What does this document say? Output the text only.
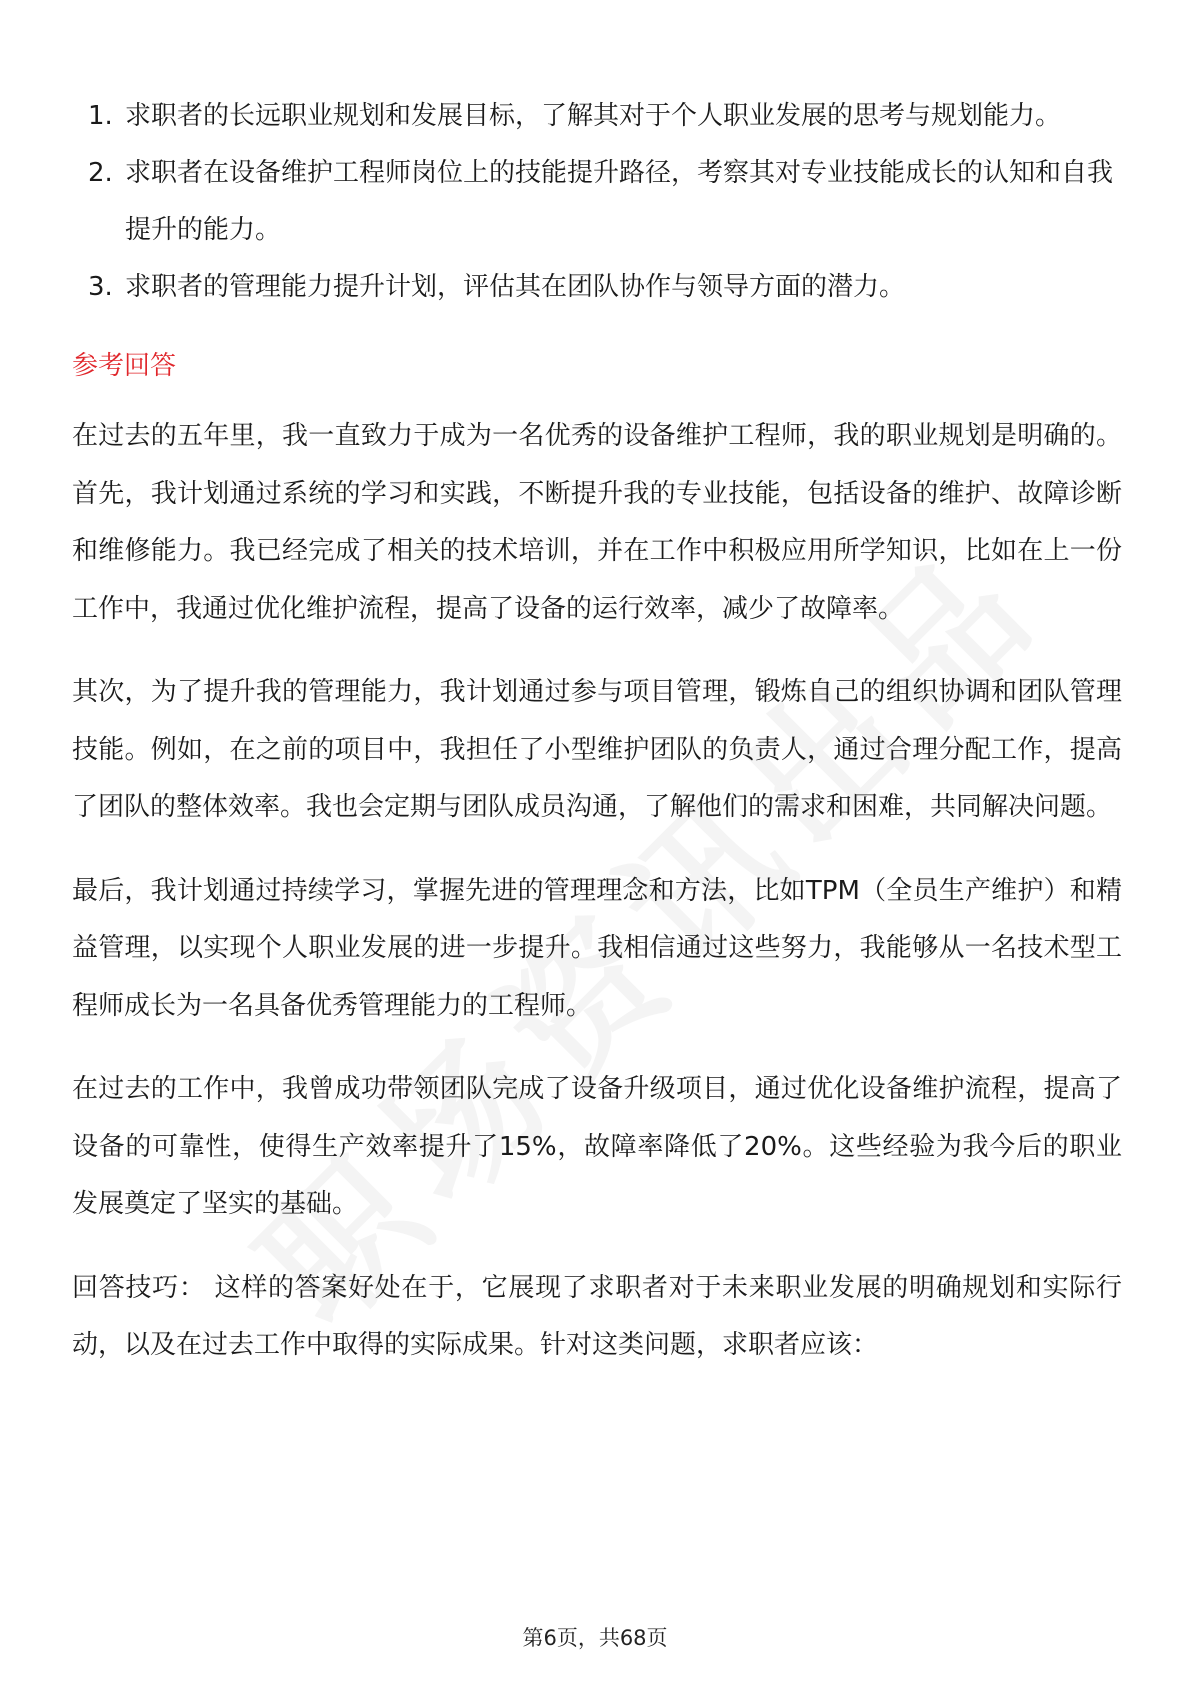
1. 求职者的长远职业规划和发展目标，了解其对于个人职业发展的思考与规划能力。
2. 求职者在设备维护工程师岗位上的技能提升路径，考察其对专业技能成长的认知和自我提升的能力。
3. 求职者的管理能力提升计划，评估其在团队协作与领导方面的潜力。
参考回答

在过去的五年里，我一直致力于成为一名优秀的设备维护工程师，我的职业规划是明确的。首先，我计划通过系统的学习和实践，不断提升我的专业技能，包括设备的维护、故障诊断和维修能力。我已经完成了相关的技术培训，并在工作中积极应用所学知识，比如在上一份工作中，我通过优化维护流程，提高了设备的运行效率，减少了故障率。

其次，为了提升我的管理能力，我计划通过参与项目管理，锻炼自己的组织协调和团队管理技能。例如，在之前的项目中，我担任了小型维护团队的负责人，通过合理分配工作，提高了团队的整体效率。我也会定期与团队成员沟通，了解他们的需求和困难，共同解决问题。

最后，我计划通过持续学习，掌握先进的管理理念和方法，比如TPM（全员生产维护）和精益管理，以实现个人职业发展的进一步提升。我相信通过这些努力，我能够从一名技术型工程师成长为一名具备优秀管理能力的工程师。

在过去的工作中，我曾成功带领团队完成了设备升级项目，通过优化设备维护流程，提高了设备的可靠性，使得生产效率提升了15%，故障率降低了20%。这些经验为我今后的职业发展奠定了坚实的基础。

回答技巧： 这样的答案好处在于，它展现了求职者对于未来职业发展的明确规划和实际行动，以及在过去工作中取得的实际成果。针对这类问题，求职者应该：

第6页，共68页
